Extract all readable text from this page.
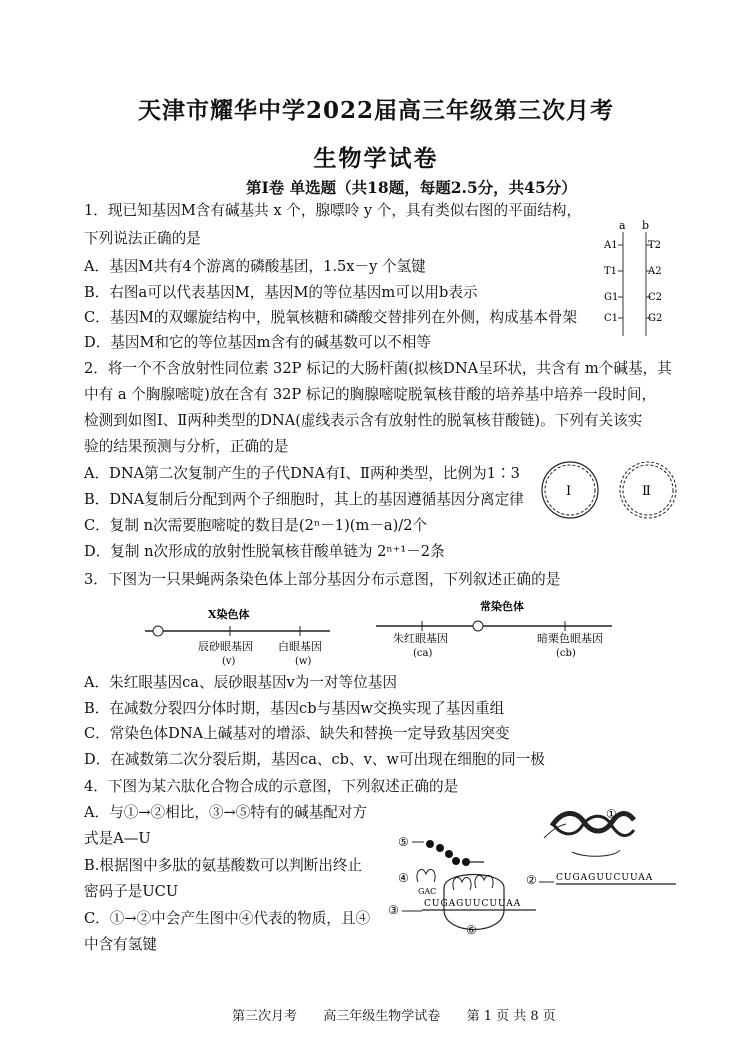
天津市耀华中学2022届高三年级第三次月考
生物学试卷
第Ⅰ卷 单选题（共18题，每题2.5分，共45分）
1．现已知基因M含有碱基共 x 个，腺嘌呤 y 个，具有类似右图的平面结构，
下列说法正确的是
A．基因M共有4个游离的磷酸基团，1.5x－y 个氢键
B．右图a可以代表基因M，基因M的等位基因m可以用b表示
C．基因M的双螺旋结构中，脱氧核糖和磷酸交替排列在外侧，构成基本骨架
D．基因M和它的等位基因m含有的碱基数可以不相等
a b
A1
T1
G1
C1
T2
A2
C2
G2
2．将一个不含放射性同位素 32P 标记的大肠杆菌(拟核DNA呈环状，共含有 m个碱基，其
中有 a 个胸腺嘧啶)放在含有 32P 标记的胸腺嘧啶脱氧核苷酸的培养基中培养一段时间，
检测到如图Ⅰ、Ⅱ两种类型的DNA(虚线表示含有放射性的脱氧核苷酸链)。下列有关该实
验的结果预测与分析，正确的是
A．DNA第二次复制产生的子代DNA有Ⅰ、Ⅱ两种类型，比例为1∶3
B．DNA复制后分配到两个子细胞时，其上的基因遵循基因分离定律
C．复制 n次需要胞嘧啶的数目是(2ⁿ－1)(m－a)/2个
D．复制 n次形成的放射性脱氧核苷酸单链为 2ⁿ⁺¹－2条
Ⅰ	Ⅱ
3．下图为一只果蝇两条染色体上部分基因分布示意图，下列叙述正确的是
X染色体
辰砂眼基因
(v)
白眼基因
(w)
常染色体
朱红眼基因
(ca)
暗栗色眼基因
(cb)
A．朱红眼基因ca、辰砂眼基因v为一对等位基因
B．在减数分裂四分体时期，基因cb与基因w交换实现了基因重组
C．常染色体DNA上碱基对的增添、缺失和替换一定导致基因突变
D．在减数第二次分裂后期，基因ca、cb、v、w可出现在细胞的同一极
4．下图为某六肽化合物合成的示意图，下列叙述正确的是
A．与①→②相比，③→⑤特有的碱基配对方
式是A—U
B.根据图中多肽的氨基酸数可以判断出终止
密码子是UCU
C．①→②中会产生图中④代表的物质，且④
中含有氢键
①
② CUGAGUUCUUAA
⑥
③	CUGAGUUCUUAA
GAC
④
⑤
第三次月考 高三年级生物学试卷 第 1 页 共 8 页
